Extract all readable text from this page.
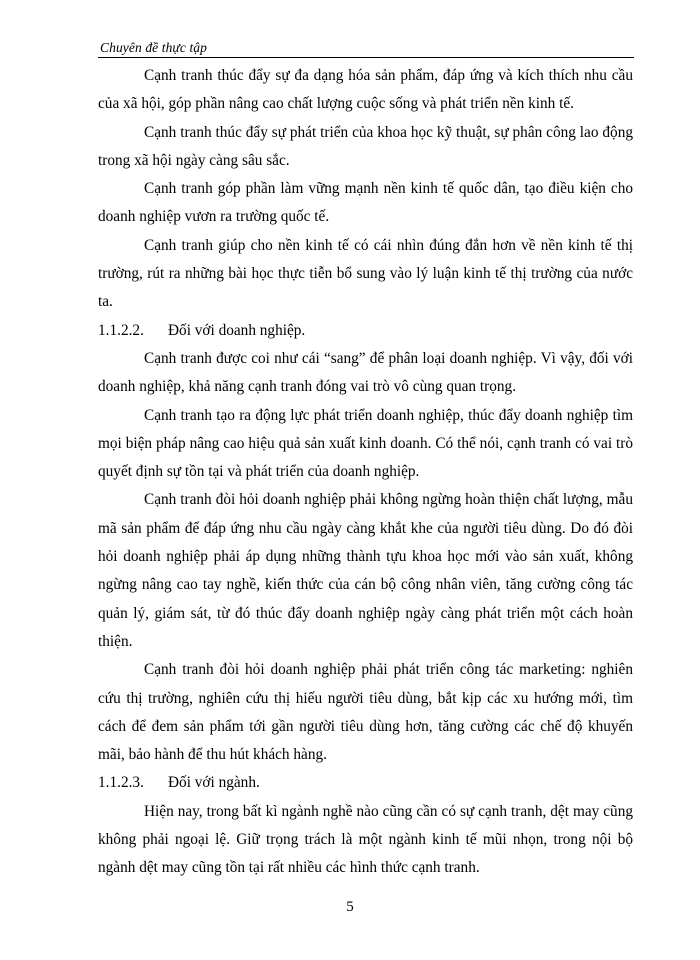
Chuyên đề thực tập

Cạnh tranh thúc đẩy sự đa dạng hóa sản phẩm, đáp ứng và kích thích nhu cầu của xã hội, góp phần nâng cao chất lượng cuộc sống và phát triển nền kinh tế.

Cạnh tranh thúc đẩy sự phát triển của khoa học kỹ thuật, sự phân công lao động trong xã hội ngày càng sâu sắc.

Cạnh tranh góp phần làm vững mạnh nền kinh tế quốc dân, tạo điều kiện cho doanh nghiệp vươn ra trường quốc tế.

Cạnh tranh giúp cho nền kinh tế có cái nhìn đúng đắn hơn về nền kinh tế thị trường, rút ra những bài học thực tiễn bổ sung vào lý luận kinh tế thị trường của nước ta.

1.1.2.2. Đối với doanh nghiệp.

Cạnh tranh được coi như cái “sang” để phân loại doanh nghiệp. Vì vậy, đối với doanh nghiệp, khả năng cạnh tranh đóng vai trò vô cùng quan trọng.

Cạnh tranh tạo ra động lực phát triển doanh nghiệp, thúc đẩy doanh nghiệp tìm mọi biện pháp nâng cao hiệu quả sản xuất kinh doanh. Có thể nói, cạnh tranh có vai trò quyết định sự tồn tại và phát triển của doanh nghiệp.

Cạnh tranh đòi hỏi doanh nghiệp phải không ngừng hoàn thiện chất lượng, mẫu mã sản phẩm để đáp ứng nhu cầu ngày càng khắt khe của người tiêu dùng. Do đó đòi hỏi doanh nghiệp phải áp dụng những thành tựu khoa học mới vào sản xuất, không ngừng nâng cao tay nghề, kiến thức của cán bộ công nhân viên, tăng cường công tác quản lý, giám sát, từ đó thúc đẩy doanh nghiệp ngày càng phát triển một cách hoàn thiện.

Cạnh tranh đòi hỏi doanh nghiệp phải phát triển công tác marketing: nghiên cứu thị trường, nghiên cứu thị hiếu người tiêu dùng, bắt kịp các xu hướng mới, tìm cách để đem sản phẩm tới gần người tiêu dùng hơn, tăng cường các chế độ khuyến mãi, bảo hành để thu hút khách hàng.

1.1.2.3. Đối với ngành.

Hiện nay, trong bất kì ngành nghề nào cũng cần có sự cạnh tranh, dệt may cũng không phải ngoại lệ. Giữ trọng trách là một ngành kinh tế mũi nhọn, trong nội bộ ngành dệt may cũng tồn tại rất nhiều các hình thức cạnh tranh.

5
